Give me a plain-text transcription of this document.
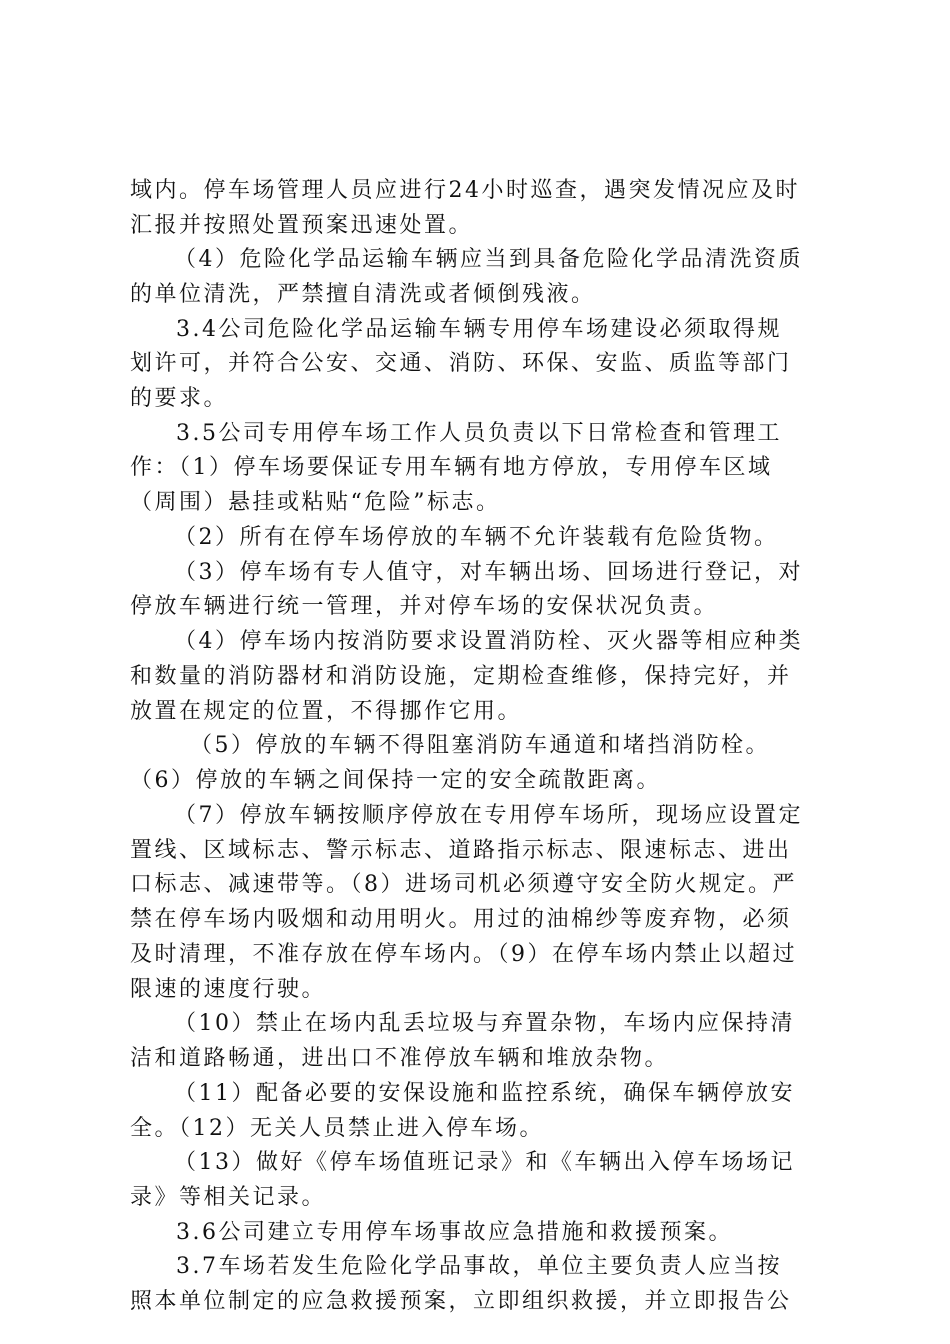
域内。停车场管理人员应进行24小时巡查，遇突发情况应及时
汇报并按照处置预案迅速处置。
（4）危险化学品运输车辆应当到具备危险化学品清洗资质
的单位清洗，严禁擅自清洗或者倾倒残液。
3.4公司危险化学品运输车辆专用停车场建设必须取得规
划许可，并符合公安、交通、消防、环保、安监、质监等部门
的要求。
3.5公司专用停车场工作人员负责以下日常检查和管理工
作：（1）停车场要保证专用车辆有地方停放，专用停车区域
（周围）悬挂或粘贴“危险”标志。
（2）所有在停车场停放的车辆不允许装载有危险货物。
（3）停车场有专人值守，对车辆出场、回场进行登记，对
停放车辆进行统一管理，并对停车场的安保状况负责。
（4）停车场内按消防要求设置消防栓、灭火器等相应种类
和数量的消防器材和消防设施，定期检查维修，保持完好，并
放置在规定的位置，不得挪作它用。
（5）停放的车辆不得阻塞消防车通道和堵挡消防栓。
（6）停放的车辆之间保持一定的安全疏散距离。
（7）停放车辆按顺序停放在专用停车场所，现场应设置定
置线、区域标志、警示标志、道路指示标志、限速标志、进出
口标志、减速带等。（8）进场司机必须遵守安全防火规定。严
禁在停车场内吸烟和动用明火。用过的油棉纱等废弃物，必须
及时清理，不准存放在停车场内。（9）在停车场内禁止以超过
限速的速度行驶。
（10）禁止在场内乱丢垃圾与弃置杂物，车场内应保持清
洁和道路畅通，进出口不准停放车辆和堆放杂物。
（11）配备必要的安保设施和监控系统，确保车辆停放安
全。（12）无关人员禁止进入停车场。
（13）做好《停车场值班记录》和《车辆出入停车场场记
录》等相关记录。
3.6公司建立专用停车场事故应急措施和救援预案。
3.7车场若发生危险化学品事故，单位主要负责人应当按
照本单位制定的应急救援预案，立即组织救援，并立即报告公
